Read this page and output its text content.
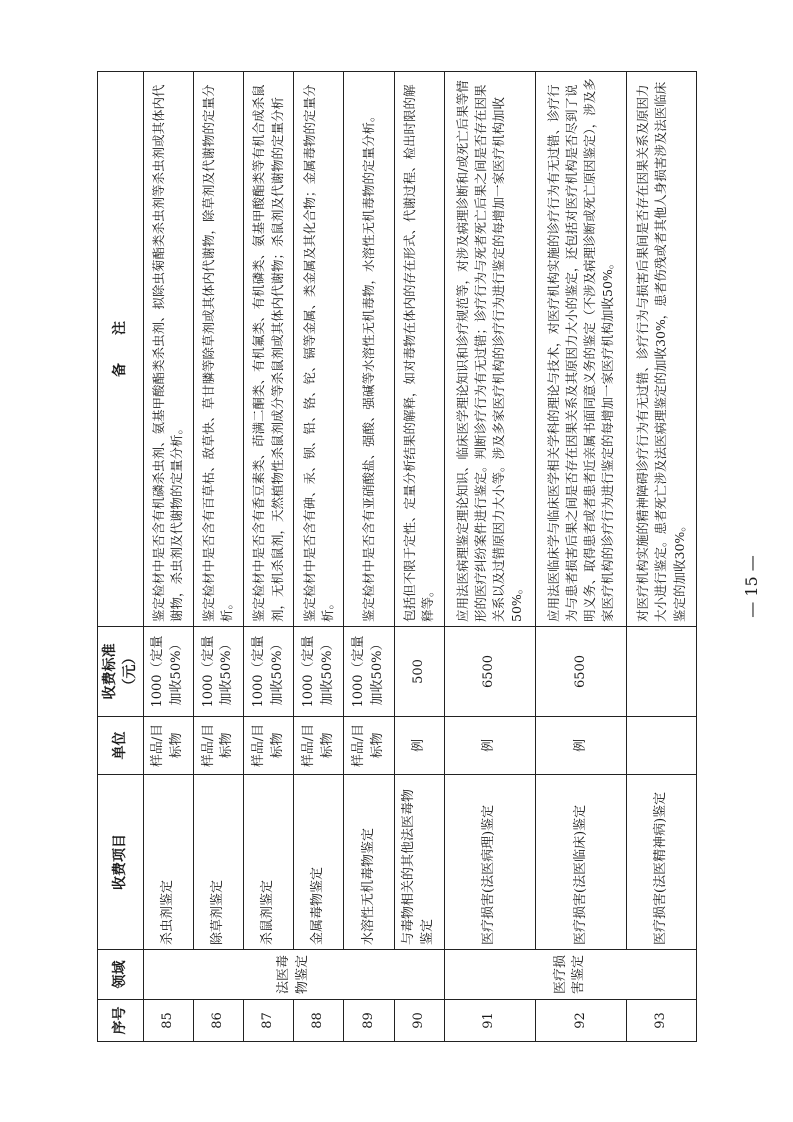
序号	领域	收费项目	单位	收费标准（元）	备　　注
85	法医毒物鉴定	杀虫剂鉴定	样品/目标物	1000（定量加收50%）	鉴定检材中是否含有机磷杀虫剂、氨基甲酸酯类杀虫剂、拟除虫菊酯类杀虫剂等杀虫剂或其体内代谢物，杀虫剂及代谢物的定量分析。
86		除草剂鉴定	样品/目标物	1000（定量加收50%）	鉴定检材中是否含有百草枯、敌草快、草甘膦等除草剂或其体内代谢物，除草剂及代谢物的定量分析。
87		杀鼠剂鉴定	样品/目标物	1000（定量加收50%）	鉴定检材中是否含有香豆素类、茚满二酮类、有机氟类、有机磷类、氨基甲酸酯类等有机合成杀鼠剂，无机杀鼠剂，天然植物性杀鼠剂成分等杀鼠剂或其体内代谢物；杀鼠剂及代谢物的定量分析
88		金属毒物鉴定	样品/目标物	1000（定量加收50%）	鉴定检材中是否含有砷、汞、钡、铅、铬、铊、镉等金属、类金属及其化合物；金属毒物的定量分析。
89		水溶性无机毒物鉴定	样品/目标物	1000（定量加收50%）	鉴定检材中是否含有亚硝酸盐、强酸、强碱等水溶性无机毒物，水溶性无机毒物的定量分析。
90		与毒物相关的其他法医毒物鉴定	例	500	包括但不限于定性、定量分析结果的解释，如对毒物在体内的存在形式、代谢过程、检出时限的解释等。
91	医疗损害鉴定	医疗损害(法医病理)鉴定	例	6500	应用法医病理鉴定理论知识、临床医学理论知识和诊疗规范等，对涉及病理诊断和/或死亡后果等情形的医疗纠纷案件进行鉴定。判断诊疗行为有无过错；诊疗行为与死者死亡后果之间是否存在因果关系以及过错原因力大小等。涉及多家医疗机构的诊疗行为进行鉴定的每增加一家医疗机构加收50%。
92		医疗损害(法医临床)鉴定	例	6500	应用法医临床学与临床医学相关学科的理论与技术，对医疗机构实施的诊疗行为有无过错、诊疗行为与患者损害后果之间是否存在因果关系及其原因力大小的鉴定，还包括对医疗机构是否尽到了说明义务、取得患者或者患者近亲属书面同意义务的鉴定（不涉及病理诊断或死亡原因鉴定），涉及多家医疗机构的诊疗行为进行鉴定的每增加一家医疗机构加收50%。
93		医疗损害(法医精神病)鉴定			对医疗机构实施的精神障碍诊疗行为有无过错、诊疗行为与损害后果间是否存在因果关系及原因力大小进行鉴定。患者死亡涉及法医病理鉴定的加收30%，患者伤残或者其他人身损害涉及法医临床鉴定的加收30%。	— 15 —
